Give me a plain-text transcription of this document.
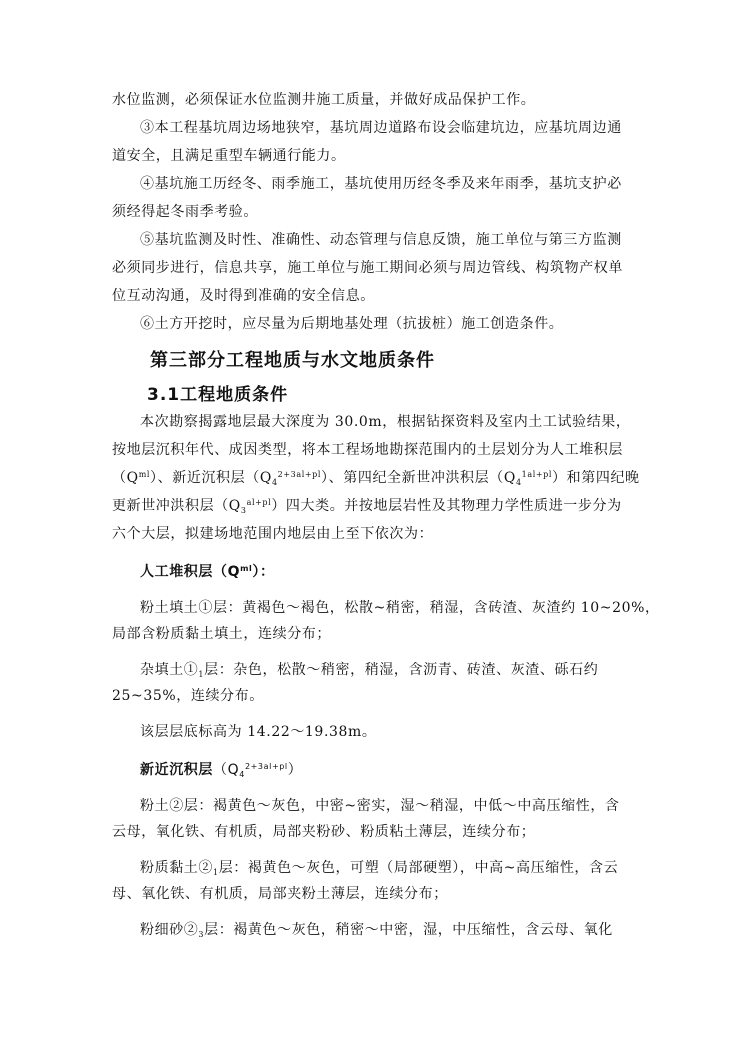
水位监测，必须保证水位监测井施工质量，并做好成品保护工作。
③本工程基坑周边场地狭窄，基坑周边道路布设会临建坑边，应基坑周边通
道安全，且满足重型车辆通行能力。
④基坑施工历经冬、雨季施工，基坑使用历经冬季及来年雨季，基坑支护必
须经得起冬雨季考验。
⑤基坑监测及时性、准确性、动态管理与信息反馈，施工单位与第三方监测
必须同步进行，信息共享，施工单位与施工期间必须与周边管线、构筑物产权单
位互动沟通，及时得到准确的安全信息。
⑥土方开挖时，应尽量为后期地基处理（抗拔桩）施工创造条件。
第三部分工程地质与水文地质条件
3.1工程地质条件
本次勘察揭露地层最大深度为 30.0m，根据钻探资料及室内土工试验结果，
按地层沉积年代、成因类型，将本工程场地勘探范围内的土层划分为人工堆积层
$(Q^{ml})$、新近沉积层$(Q_4^{2+3al+pl})$、第四纪全新世冲洪积层$(Q_4^{1al+pl})$和第四纪晚
更新世冲洪积层$(Q_3^{al+pl})$四大类。并按地层岩性及其物理力学性质进一步分为
六个大层，拟建场地范围内地层由上至下依次为：
人工堆积层$(Q^{ml})$：
粉土填土①层：黄褐色～褐色，松散~稍密，稍湿，含砖渣、灰渣约 10~20%，
局部含粉质黏土填土，连续分布；
杂填土$①_1$层：杂色，松散～稍密，稍湿，含沥青、砖渣、灰渣、砾石约
25~35%，连续分布。
该层层底标高为 14.22～19.38m。
新近沉积层$(Q_4^{2+3al+pl})$
粉土②层：褐黄色～灰色，中密~密实，湿～稍湿，中低～中高压缩性，含
云母，氧化铁、有机质，局部夹粉砂、粉质粘土薄层，连续分布；
粉质黏土$②_1$层：褐黄色～灰色，可塑（局部硬塑），中高~高压缩性，含云
母、氧化铁、有机质，局部夹粉土薄层，连续分布；
粉细砂$②_3$层：褐黄色～灰色，稍密～中密，湿，中压缩性，含云母、氧化
